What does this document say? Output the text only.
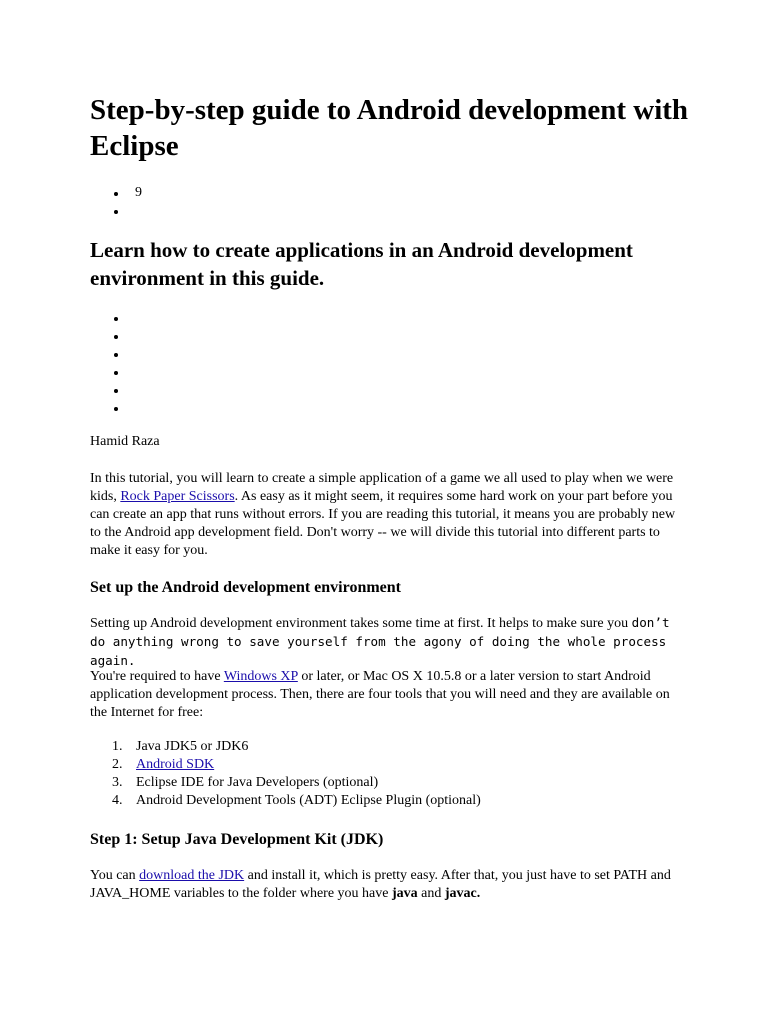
Step-by-step guide to Android development with Eclipse
9
Learn how to create applications in an Android development environment in this guide.

Hamid Raza

In this tutorial, you will learn to create a simple application of a game we all used to play when we were kids, Rock Paper Scissors. As easy as it might seem, it requires some hard work on your part before you can create an app that runs without errors. If you are reading this tutorial, it means you are probably new to the Android app development field. Don't worry -- we will divide this tutorial into different parts to make it easy for you.

Set up the Android development environment

Setting up Android development environment takes some time at first. It helps to make sure you don’t do anything wrong to save yourself from the agony of doing the whole process again.

You're required to have Windows XP or later, or Mac OS X 10.5.8 or a later version to start Android application development process. Then, there are four tools that you will need and they are available on the Internet for free:

1. Java JDK5 or JDK6
2. Android SDK
3. Eclipse IDE for Java Developers (optional)
4. Android Development Tools (ADT) Eclipse Plugin (optional)
Step 1: Setup Java Development Kit (JDK)

You can download the JDK and install it, which is pretty easy. After that, you just have to set PATH and JAVA_HOME variables to the folder where you have java and javac.
